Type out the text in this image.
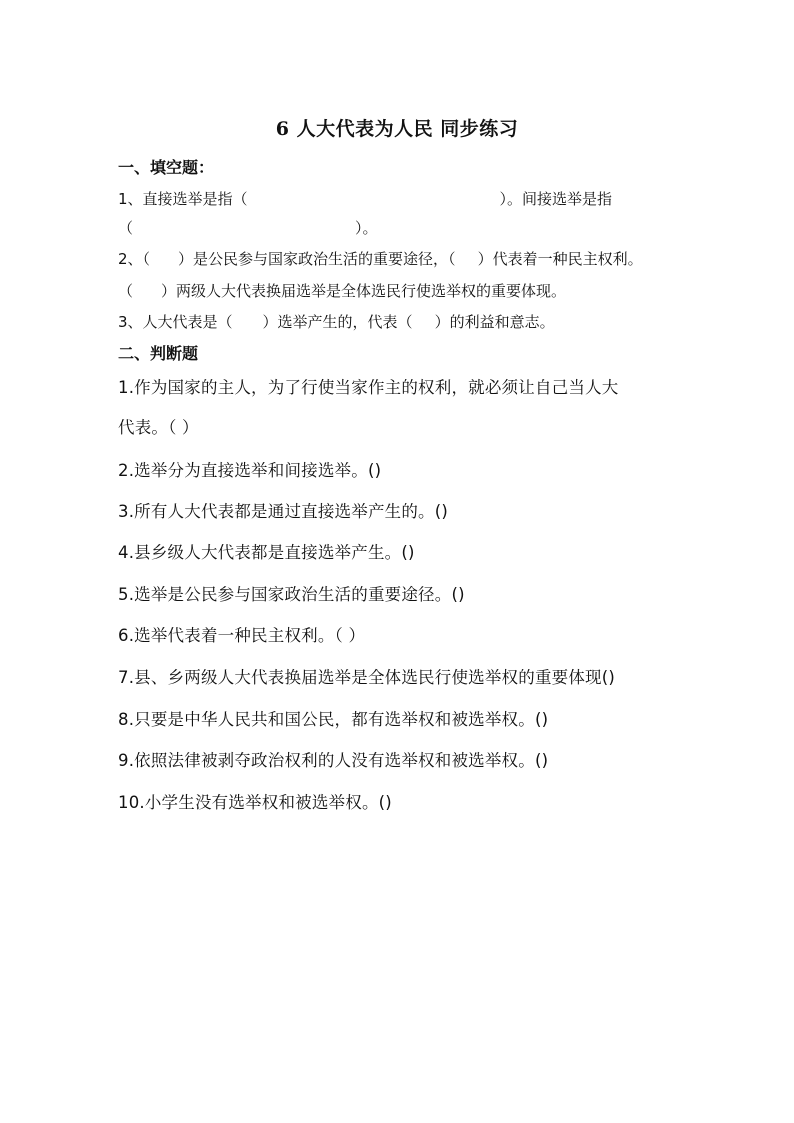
6 人大代表为人民 同步练习
一、填空题：
1、直接选举是指（	）。间接选举是指
（	）。
2、（ ）是公民参与国家政治生活的重要途径，（ ）代表着一种民主权利。
（ ）两级人大代表换届选举是全体选民行使选举权的重要体现。
3、人大代表是（ ）选举产生的，代表（ ）的利益和意志。
二、判断题
1.作为国家的主人，为了行使当家作主的权利，就必须让自己当人大
代表。（ ）
2.选举分为直接选举和间接选举。()
3.所有人大代表都是通过直接选举产生的。()
4.县乡级人大代表都是直接选举产生。()
5.选举是公民参与国家政治生活的重要途径。()
6.选举代表着一种民主权利。（ ）
7.县、乡两级人大代表换届选举是全体选民行使选举权的重要体现()
8.只要是中华人民共和国公民，都有选举权和被选举权。()
9.依照法律被剥夺政治权利的人没有选举权和被选举权。()
10.小学生没有选举权和被选举权。()
